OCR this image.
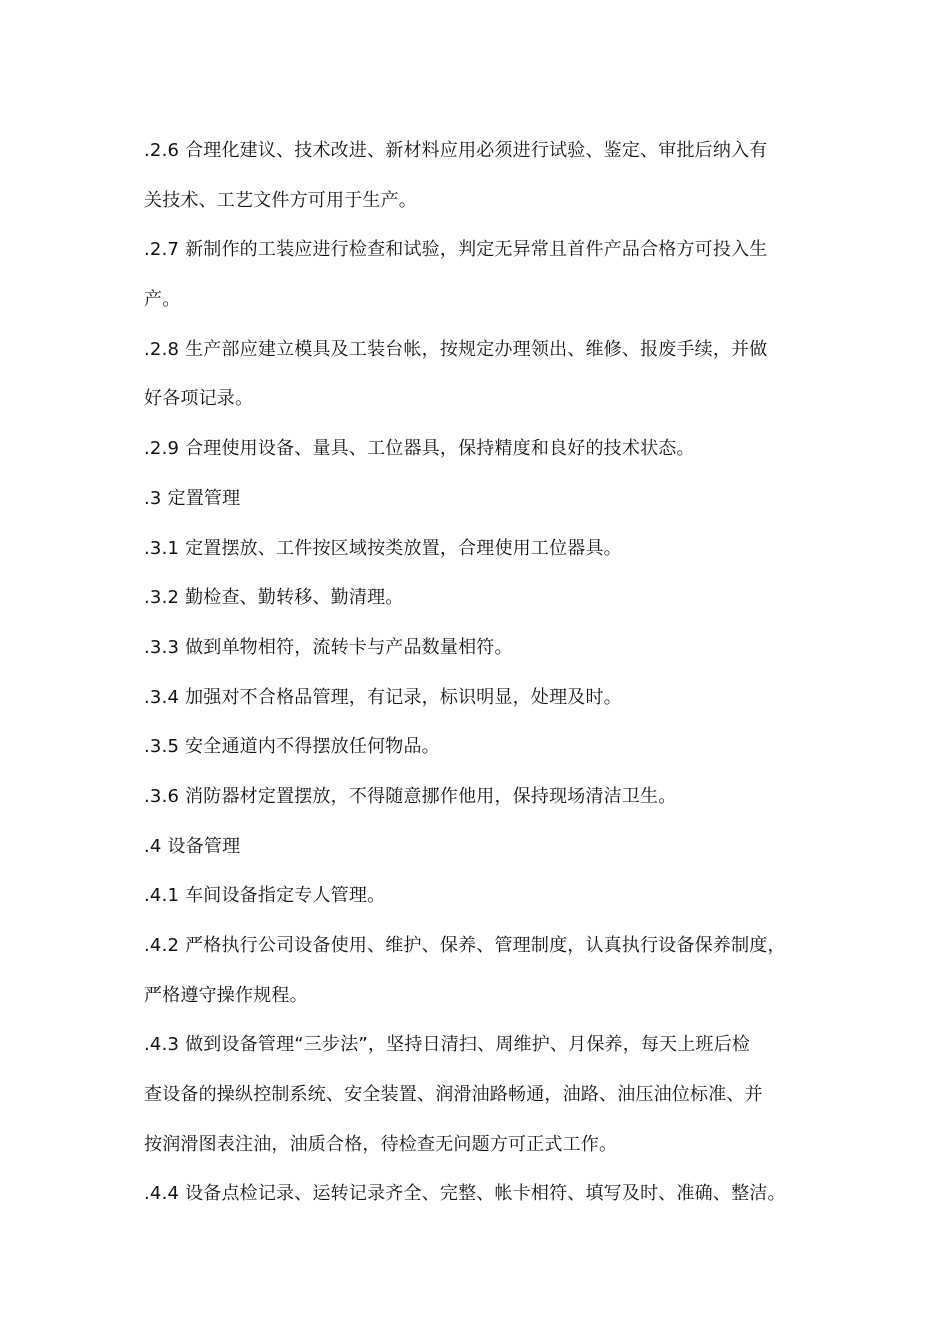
.2.6 合理化建议、技术改进、新材料应用必须进行试验、鉴定、审批后纳入有
关技术、工艺文件方可用于生产。
.2.7 新制作的工装应进行检查和试验，判定无异常且首件产品合格方可投入生
产。
.2.8 生产部应建立模具及工装台帐，按规定办理领出、维修、报废手续，并做
好各项记录。
.2.9 合理使用设备、量具、工位器具，保持精度和良好的技术状态。
.3 定置管理
.3.1 定置摆放、工件按区域按类放置，合理使用工位器具。
.3.2 勤检查、勤转移、勤清理。
.3.3 做到单物相符，流转卡与产品数量相符。
.3.4 加强对不合格品管理，有记录，标识明显，处理及时。
.3.5 安全通道内不得摆放任何物品。
.3.6 消防器材定置摆放，不得随意挪作他用，保持现场清洁卫生。
.4 设备管理
.4.1 车间设备指定专人管理。
.4.2 严格执行公司设备使用、维护、保养、管理制度，认真执行设备保养制度，
严格遵守操作规程。
.4.3 做到设备管理“三步法”，坚持日清扫、周维护、月保养，每天上班后检
查设备的操纵控制系统、安全装置、润滑油路畅通，油路、油压油位标准、并
按润滑图表注油，油质合格，待检查无问题方可正式工作。
.4.4 设备点检记录、运转记录齐全、完整、帐卡相符、填写及时、准确、整洁。
